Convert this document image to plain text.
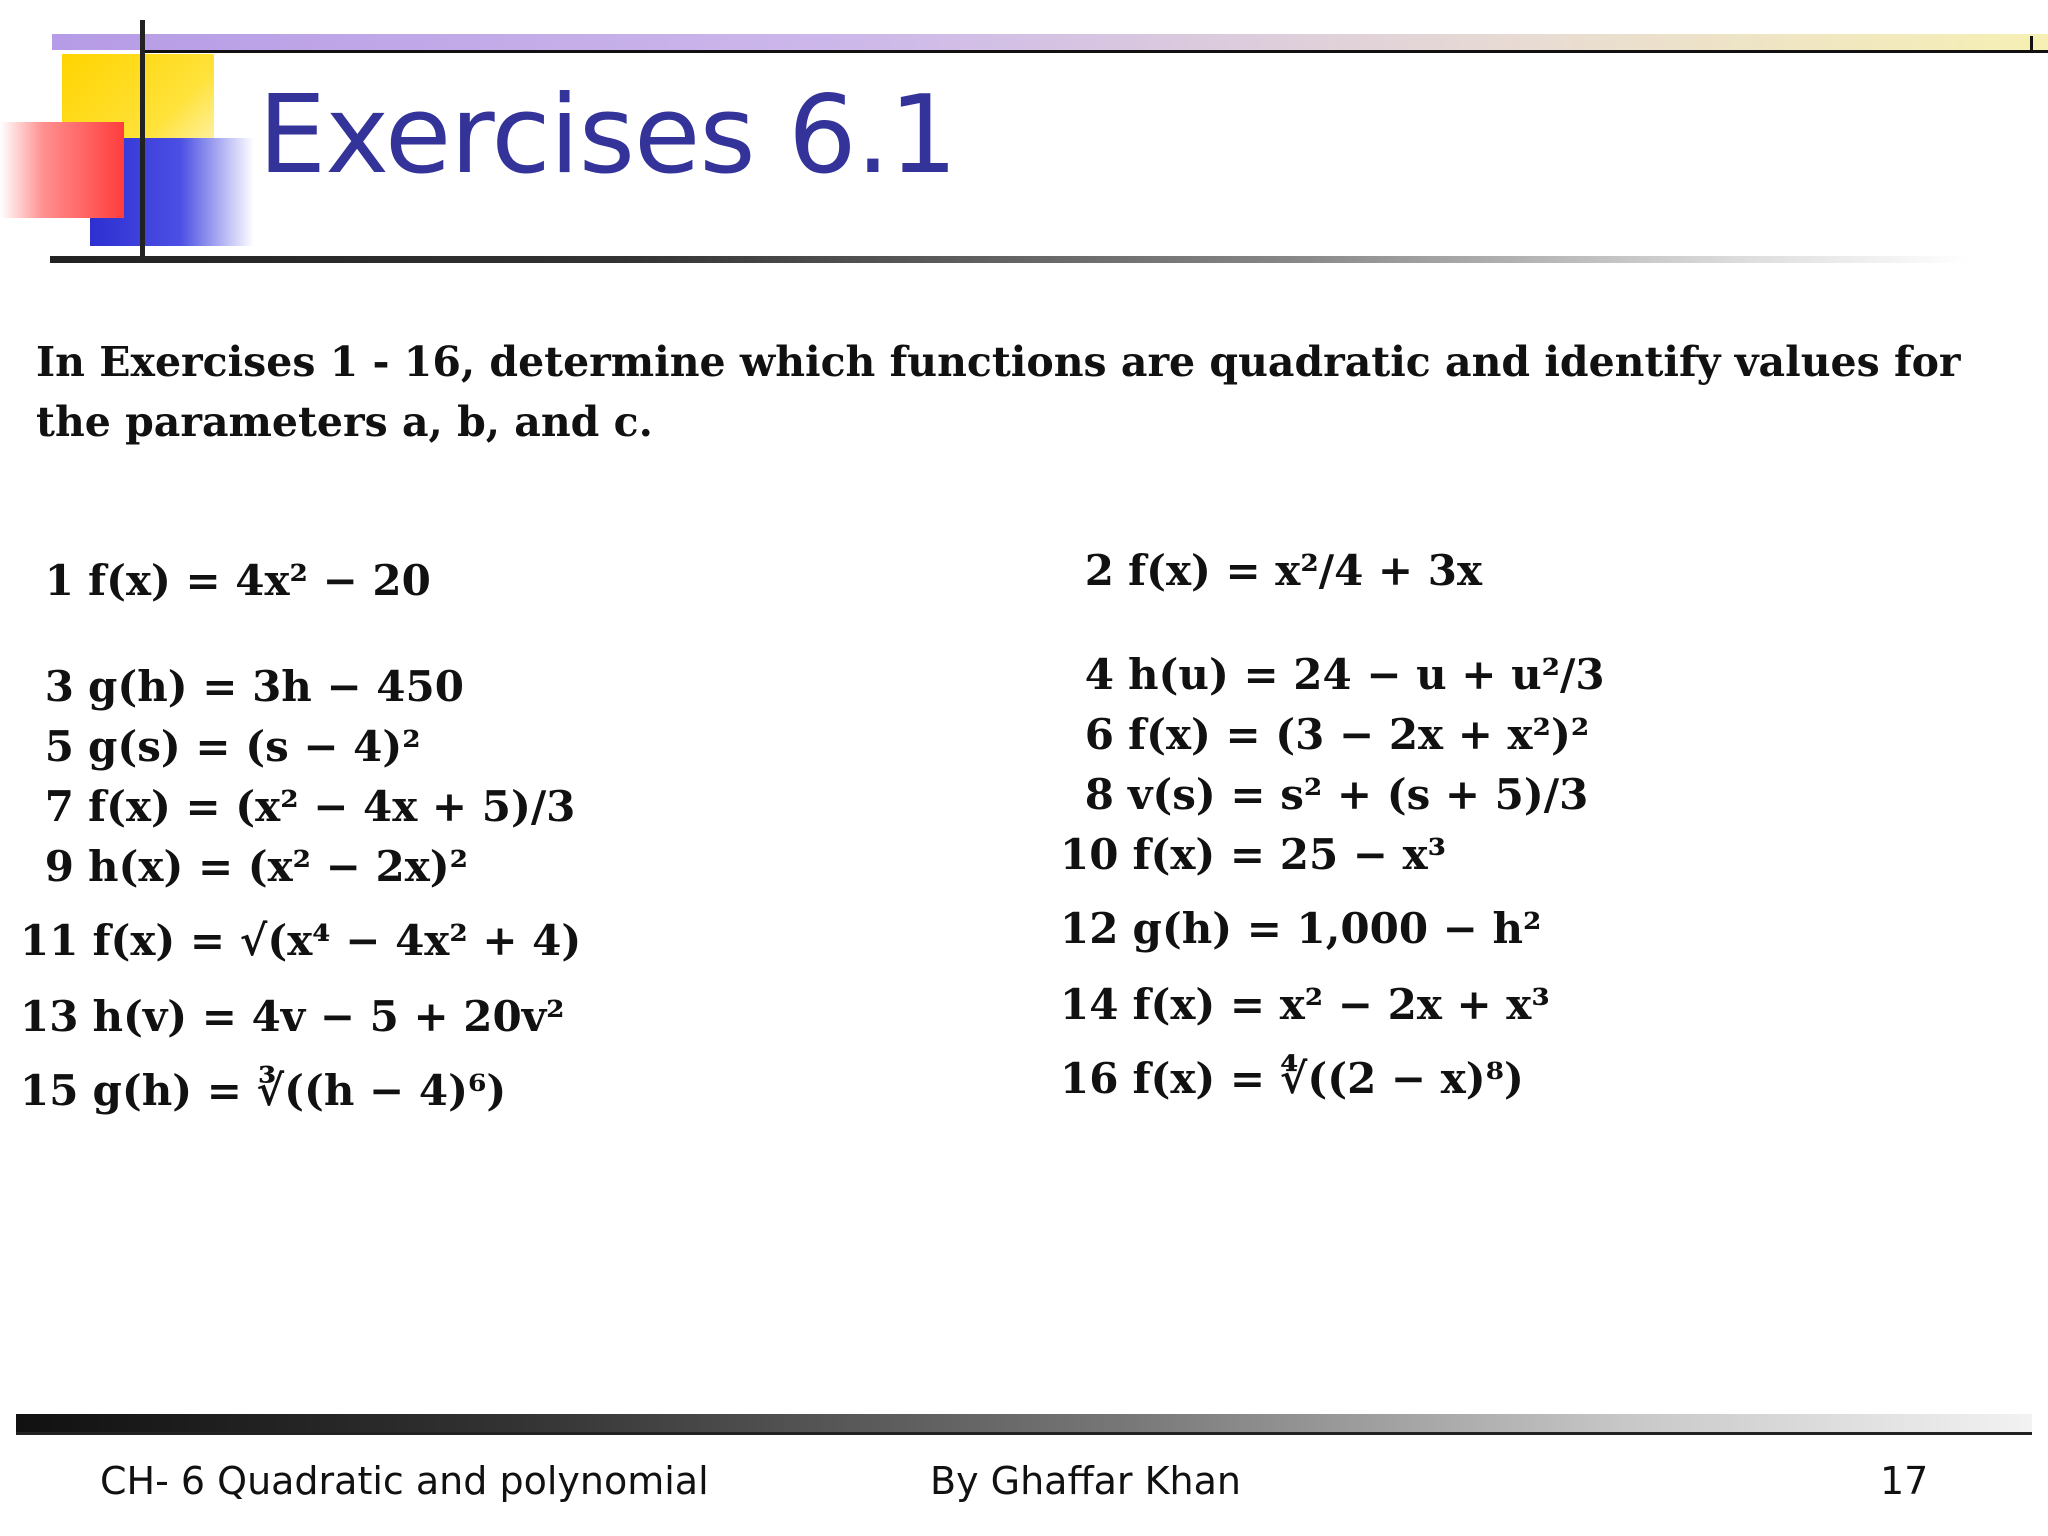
Exercises 6.1
In Exercises 1 - 16, determine which functions are quadratic and identify values for the parameters a, b, and c.
1 f(x) = 4x² − 20
3 g(h) = 3h − 450
5 g(s) = (s − 4)²
7 f(x) = (x² − 4x + 5)/3
9 h(x) = (x² − 2x)²
11 f(x) = √(x⁴ − 4x² + 4)
13 h(v) = 4v − 5 + 20v²
15 g(h) = ∛((h − 4)⁶)
2 f(x) = x²/4 + 3x
4 h(u) = 24 − u + u²/3
6 f(x) = (3 − 2x + x²)²
8 v(s) = s² + (s + 5)/3
10 f(x) = 25 − x³
12 g(h) = 1,000 − h²
14 f(x) = x² − 2x + x³
16 f(x) = ∜((2 − x)⁸)
CH- 6 Quadratic and polynomial	By Ghaffar Khan	17
